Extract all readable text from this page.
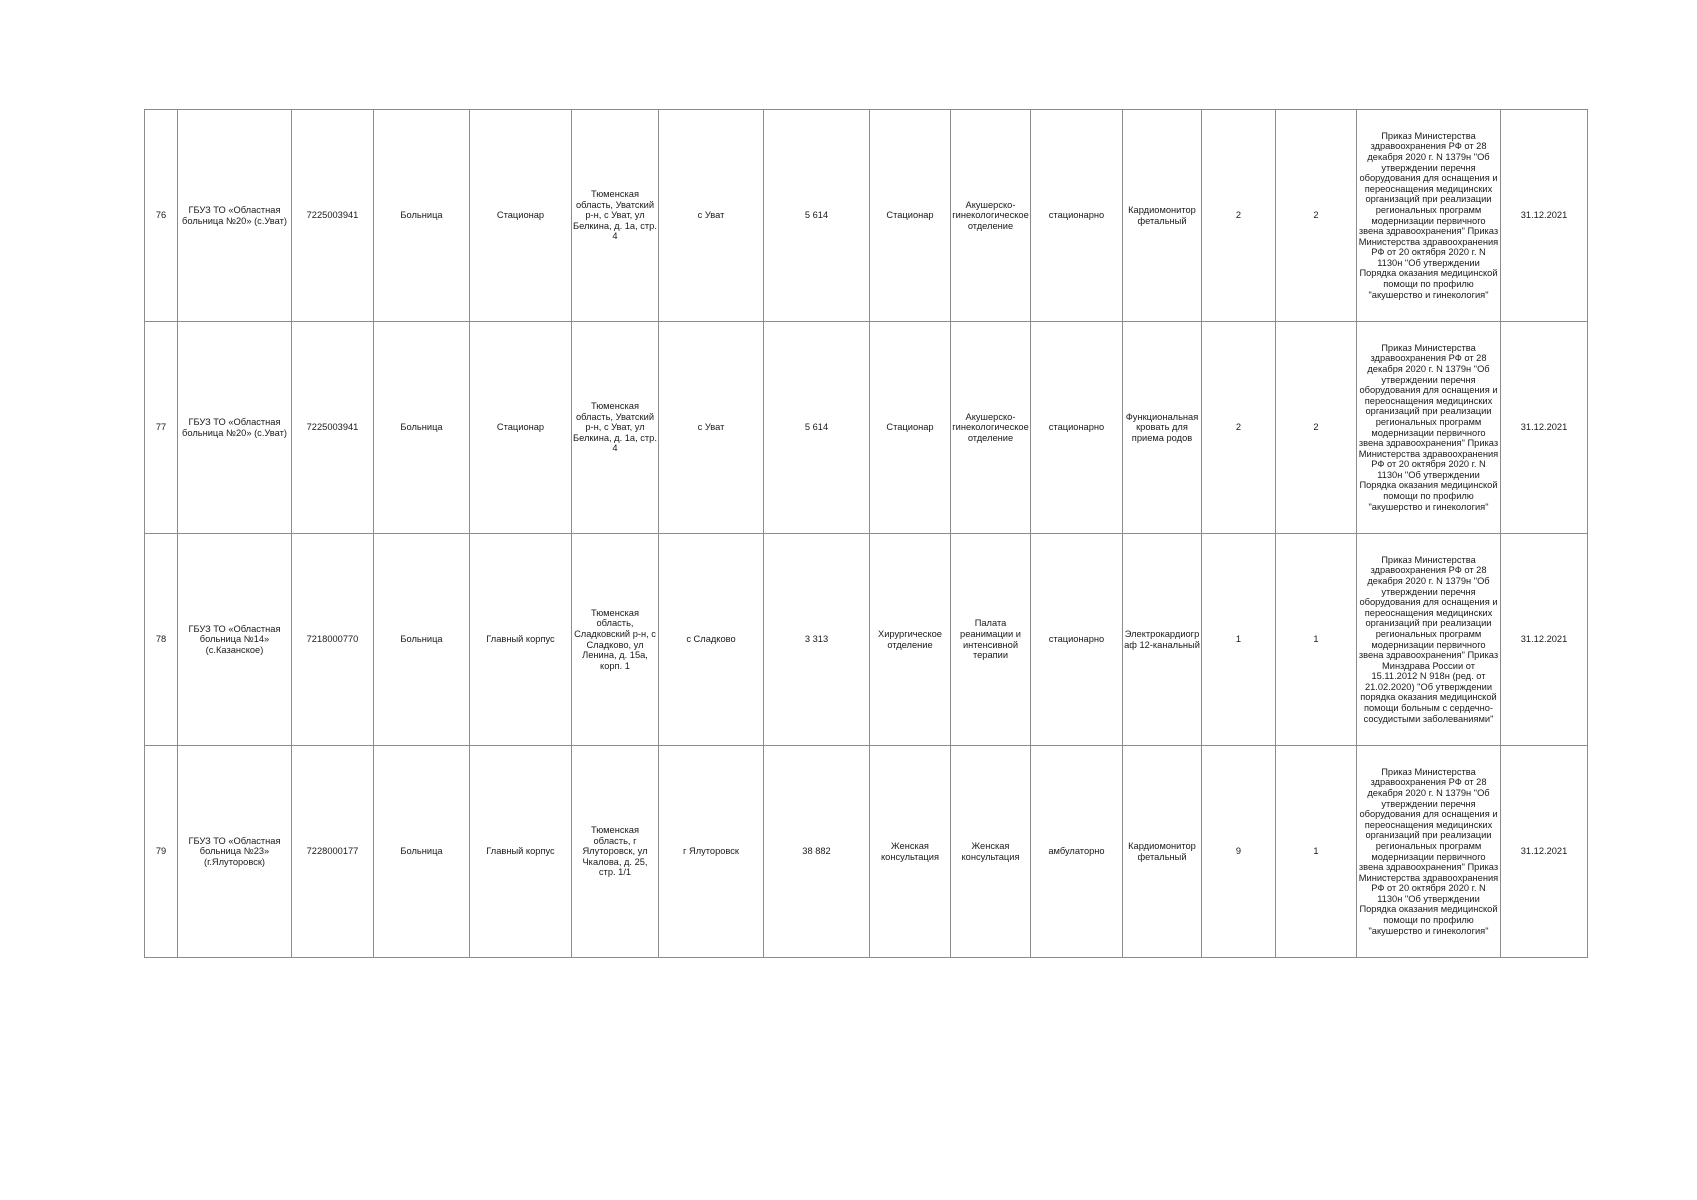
76	ГБУЗ ТО «Областная больница №20» (с.Уват)	7225003941	Больница	Стационар	Тюменская область, Уватский р-н, с Уват, ул Белкина, д. 1а, стр. 4	с Уват	5 614	Стационар	Акушерско-гинекологическое отделение	стационарно	Кардиомонитор фетальный	2	2	Приказ Министерства здравоохранения РФ от 28 декабря 2020 г. N 1379н "Об утверждении перечня оборудования для оснащения и переоснащения медицинских организаций при реализации региональных программ модернизации первичного звена здравоохранения" Приказ Министерства здравоохранения РФ от 20 октября 2020 г. N 1130н "Об утверждении Порядка оказания медицинской помощи по профилю "акушерство и гинекология"	31.12.2021
77	ГБУЗ ТО «Областная больница №20» (с.Уват)	7225003941	Больница	Стационар	Тюменская область, Уватский р-н, с Уват, ул Белкина, д. 1а, стр. 4	с Уват	5 614	Стационар	Акушерско-гинекологическое отделение	стационарно	Функциональная кровать для приема родов	2	2	Приказ Министерства здравоохранения РФ от 28 декабря 2020 г. N 1379н "Об утверждении перечня оборудования для оснащения и переоснащения медицинских организаций при реализации региональных программ модернизации первичного звена здравоохранения" Приказ Министерства здравоохранения РФ от 20 октября 2020 г. N 1130н "Об утверждении Порядка оказания медицинской помощи по профилю "акушерство и гинекология"	31.12.2021
78	ГБУЗ ТО «Областная больница №14» (с.Казанское)	7218000770	Больница	Главный корпус	Тюменская область, Сладковский р-н, с Сладково, ул Ленина, д. 15а, корп. 1	с Сладково	3 313	Хирургическое отделение	Палата реанимации и интенсивной терапии	стационарно	Электрокардиограф 12-канальный	1	1	Приказ Министерства здравоохранения РФ от 28 декабря 2020 г. N 1379н "Об утверждении перечня оборудования для оснащения и переоснащения медицинских организаций при реализации региональных программ модернизации первичного звена здравоохранения" Приказ Минздрава России от 15.11.2012 N 918н (ред. от 21.02.2020) "Об утверждении порядка оказания медицинской помощи больным с сердечно-сосудистыми заболеваниями"	31.12.2021
79	ГБУЗ ТО «Областная больница №23» (г.Ялуторовск)	7228000177	Больница	Главный корпус	Тюменская область, г Ялуторовск, ул Чкалова, д. 25, стр. 1/1	г Ялуторовск	38 882	Женская консультация	Женская консультация	амбулаторно	Кардиомонитор фетальный	9	1	Приказ Министерства здравоохранения РФ от 28 декабря 2020 г. N 1379н "Об утверждении перечня оборудования для оснащения и переоснащения медицинских организаций при реализации региональных программ модернизации первичного звена здравоохранения" Приказ Министерства здравоохранения РФ от 20 октября 2020 г. N 1130н "Об утверждении Порядка оказания медицинской помощи по профилю "акушерство и гинекология"	31.12.2021
